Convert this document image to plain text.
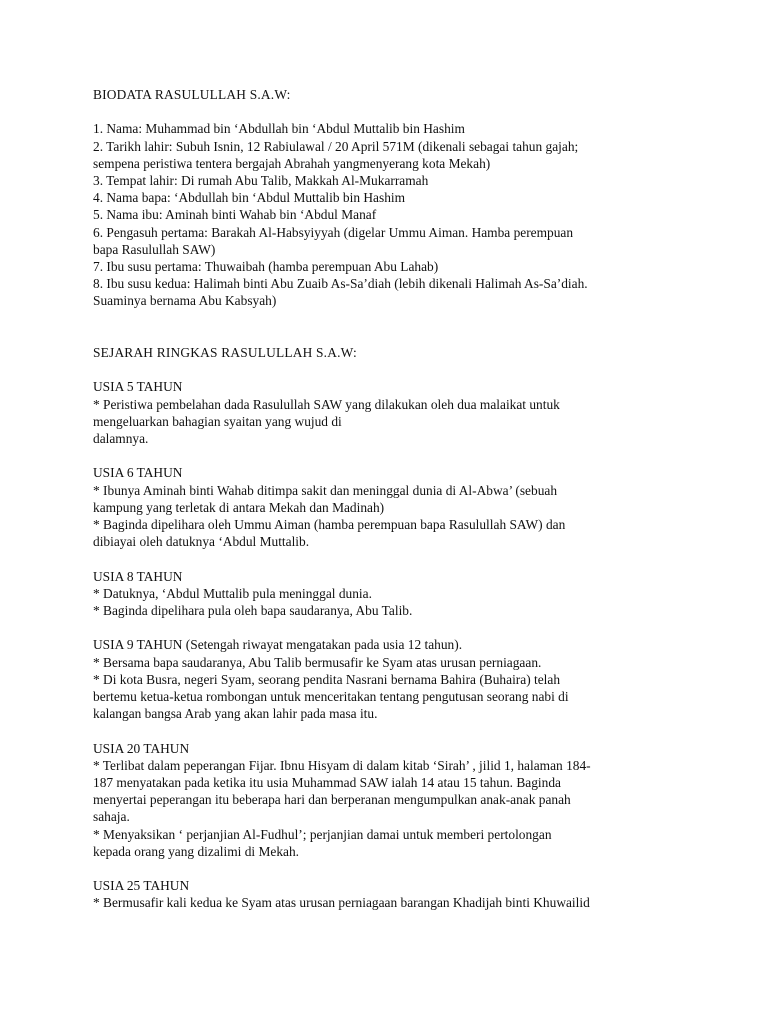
BIODATA RASULULLAH S.A.W:
1. Nama: Muhammad bin ‘Abdullah bin ‘Abdul Muttalib bin Hashim
2. Tarikh lahir: Subuh Isnin, 12 Rabiulawal / 20 April 571M (dikenali sebagai tahun gajah;
sempena peristiwa tentera bergajah Abrahah yangmenyerang kota Mekah)
3. Tempat lahir: Di rumah Abu Talib, Makkah Al-Mukarramah
4. Nama bapa: ‘Abdullah bin ‘Abdul Muttalib bin Hashim
5. Nama ibu: Aminah binti Wahab bin ‘Abdul Manaf
6. Pengasuh pertama: Barakah Al-Habsyiyyah (digelar Ummu Aiman. Hamba perempuan
bapa Rasulullah SAW)
7. Ibu susu pertama: Thuwaibah (hamba perempuan Abu Lahab)
8. Ibu susu kedua: Halimah binti Abu Zuaib As-Sa’diah (lebih dikenali Halimah As-Sa’diah.
Suaminya bernama Abu Kabsyah)
SEJARAH RINGKAS RASULULLAH S.A.W:
USIA 5 TAHUN
* Peristiwa pembelahan dada Rasulullah SAW yang dilakukan oleh dua malaikat untuk
mengeluarkan bahagian syaitan yang wujud di
dalamnya.
USIA 6 TAHUN
* Ibunya Aminah binti Wahab ditimpa sakit dan meninggal dunia di Al-Abwa’ (sebuah
kampung yang terletak di antara Mekah dan Madinah)
* Baginda dipelihara oleh Ummu Aiman (hamba perempuan bapa Rasulullah SAW) dan
dibiayai oleh datuknya ‘Abdul Muttalib.
USIA 8 TAHUN
* Datuknya, ‘Abdul Muttalib pula meninggal dunia.
* Baginda dipelihara pula oleh bapa saudaranya, Abu Talib.
USIA 9 TAHUN (Setengah riwayat mengatakan pada usia 12 tahun).
* Bersama bapa saudaranya, Abu Talib bermusafir ke Syam atas urusan perniagaan.
* Di kota Busra, negeri Syam, seorang pendita Nasrani bernama Bahira (Buhaira) telah
bertemu ketua-ketua rombongan untuk menceritakan tentang pengutusan seorang nabi di
kalangan bangsa Arab yang akan lahir pada masa itu.
USIA 20 TAHUN
* Terlibat dalam peperangan Fijar. Ibnu Hisyam di dalam kitab ‘Sirah’ , jilid 1, halaman 184-
187 menyatakan pada ketika itu usia Muhammad SAW ialah 14 atau 15 tahun. Baginda
menyertai peperangan itu beberapa hari dan berperanan mengumpulkan anak-anak panah
sahaja.
* Menyaksikan ‘ perjanjian Al-Fudhul’; perjanjian damai untuk memberi pertolongan
kepada orang yang dizalimi di Mekah.
USIA 25 TAHUN
* Bermusafir kali kedua ke Syam atas urusan perniagaan barangan Khadijah binti Khuwailid
